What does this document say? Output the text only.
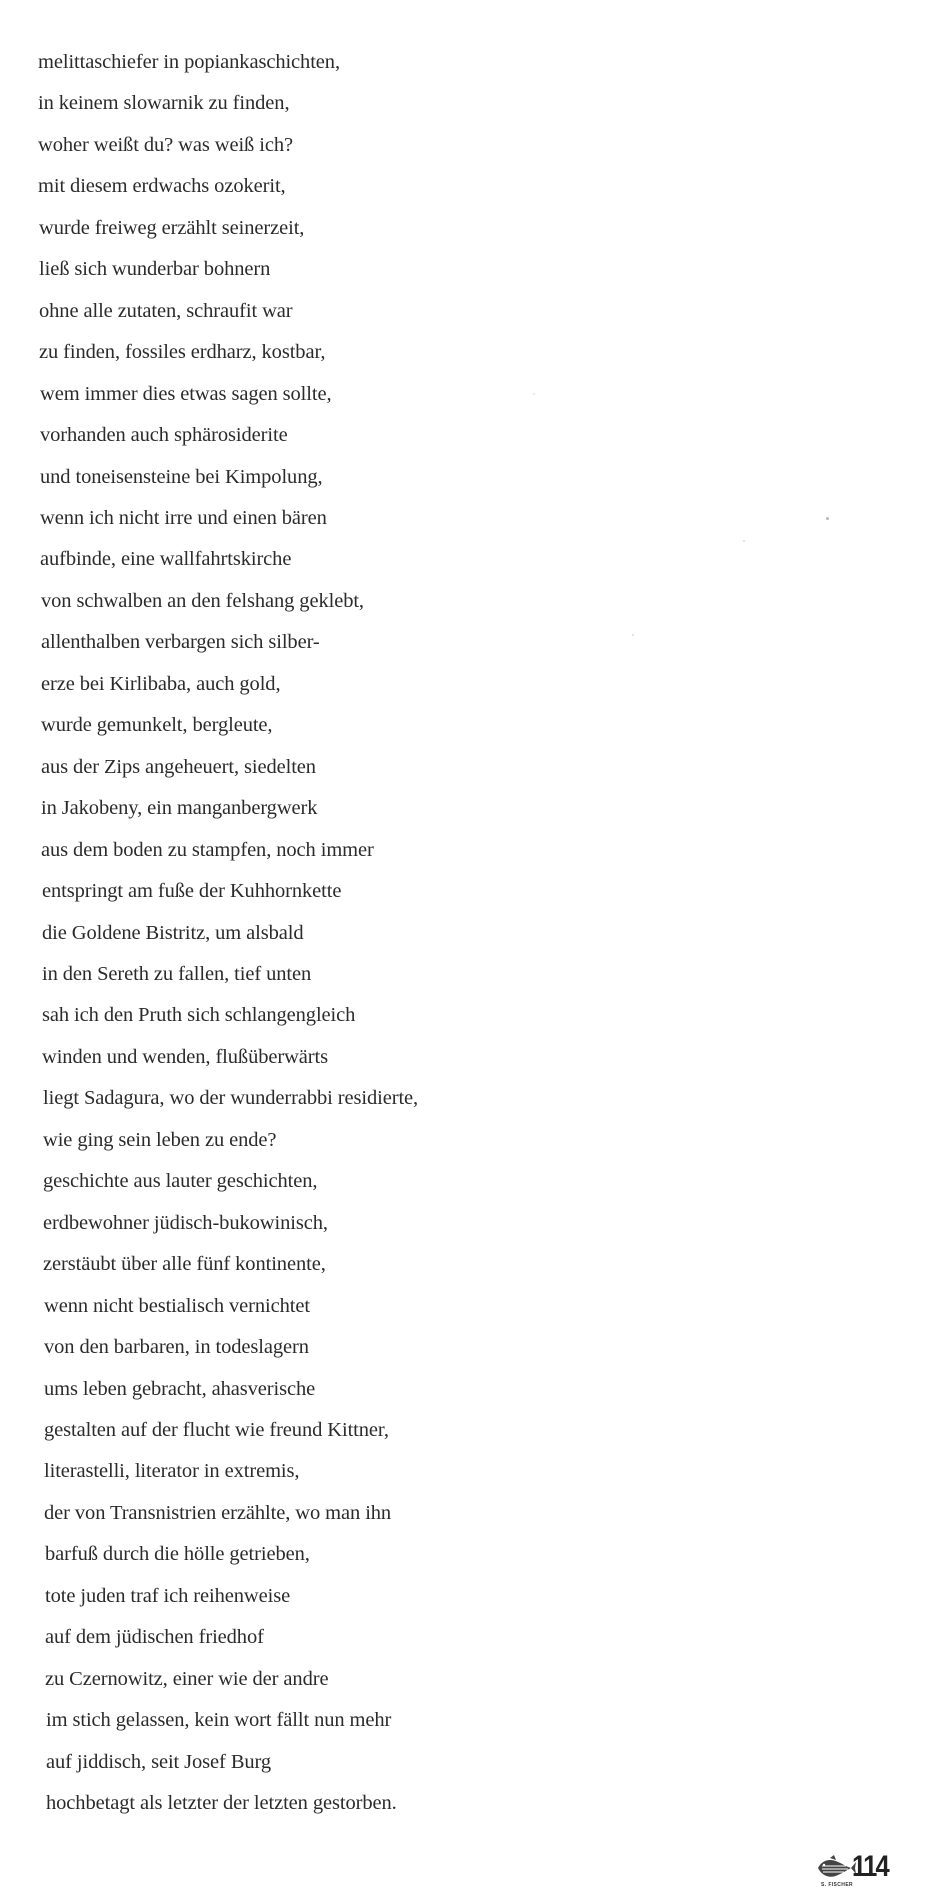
melittaschiefer in popiankaschichten,
in keinem slowarnik zu finden,
woher weißt du? was weiß ich?
mit diesem erdwachs ozokerit,
wurde freiweg erzählt seinerzeit,
ließ sich wunderbar bohnern
ohne alle zutaten, schraufit war
zu finden, fossiles erdharz, kostbar,
wem immer dies etwas sagen sollte,
vorhanden auch sphärosiderite
und toneisensteine bei Kimpolung,
wenn ich nicht irre und einen bären
aufbinde, eine wallfahrtskirche
von schwalben an den felshang geklebt,
allenthalben verbargen sich silber-
erze bei Kirlibaba, auch gold,
wurde gemunkelt, bergleute,
aus der Zips angeheuert, siedelten
in Jakobeny, ein manganbergwerk
aus dem boden zu stampfen, noch immer
entspringt am fuße der Kuhhornkette
die Goldene Bistritz, um alsbald
in den Sereth zu fallen, tief unten
sah ich den Pruth sich schlangengleich
winden und wenden, flußüberwärts
liegt Sadagura, wo der wunderrabbi residierte,
wie ging sein leben zu ende?
geschichte aus lauter geschichten,
erdbewohner jüdisch-bukowinisch,
zerstäubt über alle fünf kontinente,
wenn nicht bestialisch vernichtet
von den barbaren, in todeslagern
ums leben gebracht, ahasverische
gestalten auf der flucht wie freund Kittner,
literastelli, literator in extremis,
der von Transnistrien erzählte, wo man ihn
barfuß durch die hölle getrieben,
tote juden traf ich reihenweise
auf dem jüdischen friedhof
zu Czernowitz, einer wie der andre
im stich gelassen, kein wort fällt nun mehr
auf jiddisch, seit Josef Burg
hochbetagt als letzter der letzten gestorben.
S. FISCHER
114
